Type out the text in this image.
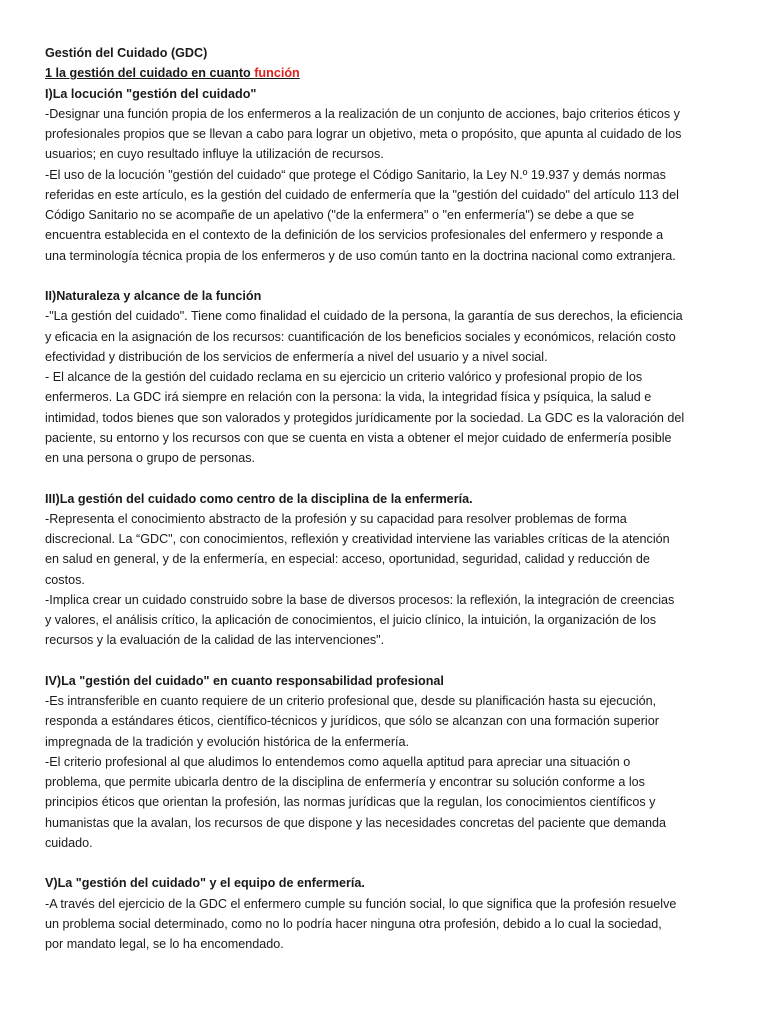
Gestión del Cuidado (GDC)

1 la gestión del cuidado en cuanto función

I)La locución "gestión del cuidado"

-Designar una función propia de los enfermeros a la realización de un conjunto de acciones, bajo criterios éticos y

profesionales propios que se llevan a cabo para lograr un objetivo, meta o propósito, que apunta al cuidado de los

usuarios; en cuyo resultado influye la utilización de recursos.

-El uso de la locución "gestión del cuidado“ que protege el Código Sanitario, la Ley N.º 19.937 y demás normas

referidas en este artículo, es la gestión del cuidado de enfermería que la "gestión del cuidado" del artículo 113 del

Código Sanitario no se acompañe de un apelativo ("de la enfermera" o "en enfermería") se debe a que se

encuentra establecida en el contexto de la definición de los servicios profesionales del enfermero y responde a

una terminología técnica propia de los enfermeros y de uso común tanto en la doctrina nacional como extranjera.

II)Naturaleza y alcance de la función

-"La gestión del cuidado". Tiene como finalidad el cuidado de la persona, la garantía de sus derechos, la eficiencia

y eficacia en la asignación de los recursos: cuantificación de los beneficios sociales y económicos, relación costo

efectividad y distribución de los servicios de enfermería a nivel del usuario y a nivel social.

- El alcance de la gestión del cuidado reclama en su ejercicio un criterio valórico y profesional propio de los

enfermeros. La GDC irá siempre en relación con la persona: la vida, la integridad física y psíquica, la salud e

intimidad, todos bienes que son valorados y protegidos jurídicamente por la sociedad. La GDC es la valoración del

paciente, su entorno y los recursos con que se cuenta en vista a obtener el mejor cuidado de enfermería posible

en una persona o grupo de personas.

III)La gestión del cuidado como centro de la disciplina de la enfermería.

-Representa el conocimiento abstracto de la profesión y su capacidad para resolver problemas de forma

discrecional. La “GDC", con conocimientos, reflexión y creatividad interviene las variables críticas de la atención

en salud en general, y de la enfermería, en especial: acceso, oportunidad, seguridad, calidad y reducción de

costos.

-Implica crear un cuidado construido sobre la base de diversos procesos: la reflexión, la integración de creencias

y valores, el análisis crítico, la aplicación de conocimientos, el juicio clínico, la intuición, la organización de los

recursos y la evaluación de la calidad de las intervenciones".

IV)La "gestión del cuidado" en cuanto responsabilidad profesional

-Es intransferible en cuanto requiere de un criterio profesional que, desde su planificación hasta su ejecución,

responda a estándares éticos, científico-técnicos y jurídicos, que sólo se alcanzan con una formación superior

impregnada de la tradición y evolución histórica de la enfermería.

-El criterio profesional al que aludimos lo entendemos como aquella aptitud para apreciar una situación o

problema, que permite ubicarla dentro de la disciplina de enfermería y encontrar su solución conforme a los

principios éticos que orientan la profesión, las normas jurídicas que la regulan, los conocimientos científicos y

humanistas que la avalan, los recursos de que dispone y las necesidades concretas del paciente que demanda

cuidado.

V)La "gestión del cuidado" y el equipo de enfermería.

-A través del ejercicio de la GDC el enfermero cumple su función social, lo que significa que la profesión resuelve

un problema social determinado, como no lo podría hacer ninguna otra profesión, debido a lo cual la sociedad,

por mandato legal, se lo ha encomendado.
